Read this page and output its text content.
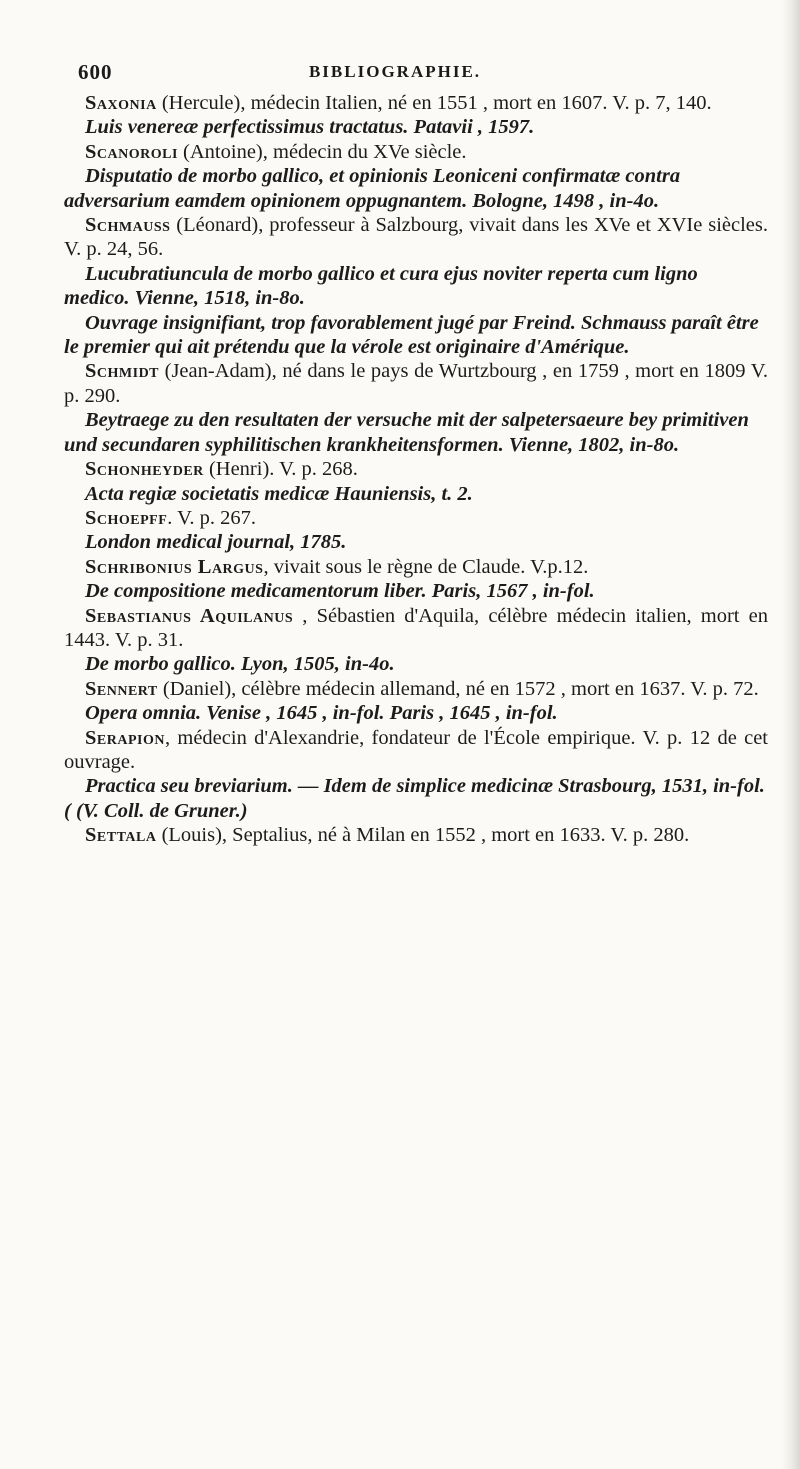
600	BIBLIOGRAPHIE.

Saxonia (Hercule), médecin Italien, né en 1551 , mort en 1607. V. p. 7, 140.

Luis venereæ perfectissimus tractatus. Patavii , 1597.

Scanoroli (Antoine), médecin du XVe siècle.

Disputatio de morbo gallico, et opinionis Leoniceni confirmatæ contra adversarium eamdem opinionem oppugnantem. Bologne, 1498 , in-4o.

Schmauss (Léonard), professeur à Salzbourg, vivait dans les XVe et XVIe siècles. V. p. 24, 56.

Lucubratiuncula de morbo gallico et cura ejus noviter reperta cum ligno medico. Vienne, 1518, in-8o.

Ouvrage insignifiant, trop favorablement jugé par Freind. Schmauss paraît être le premier qui ait prétendu que la vérole est originaire d'Amérique.

Schmidt (Jean-Adam), né dans le pays de Wurtzbourg , en 1759 , mort en 1809 V. p. 290.

Beytraege zu den resultaten der versuche mit der salpetersaeure bey primitiven und secundaren syphilitischen krankheitensformen. Vienne, 1802, in-8o.

Schonheyder (Henri). V. p. 268.

Acta regiæ societatis medicæ Hauniensis, t. 2.

Schoepff. V. p. 267.

London medical journal, 1785.

Schribonius Largus, vivait sous le règne de Claude. V.p.12.

De compositione medicamentorum liber. Paris, 1567 , in-fol.

Sebastianus Aquilanus , Sébastien d'Aquila, célèbre médecin italien, mort en 1443. V. p. 31.

De morbo gallico. Lyon, 1505, in-4o.

Sennert (Daniel), célèbre médecin allemand, né en 1572 , mort en 1637. V. p. 72.

Opera omnia. Venise , 1645 , in-fol. Paris , 1645 , in-fol.

Serapion, médecin d'Alexandrie, fondateur de l'École empirique. V. p. 12 de cet ouvrage.

Practica seu breviarium. — Idem de simplice medicinæ Strasbourg, 1531, in-fol. ( (V. Coll. de Gruner.)

Settala (Louis), Septalius, né à Milan en 1552 , mort en 1633. V. p. 280.
